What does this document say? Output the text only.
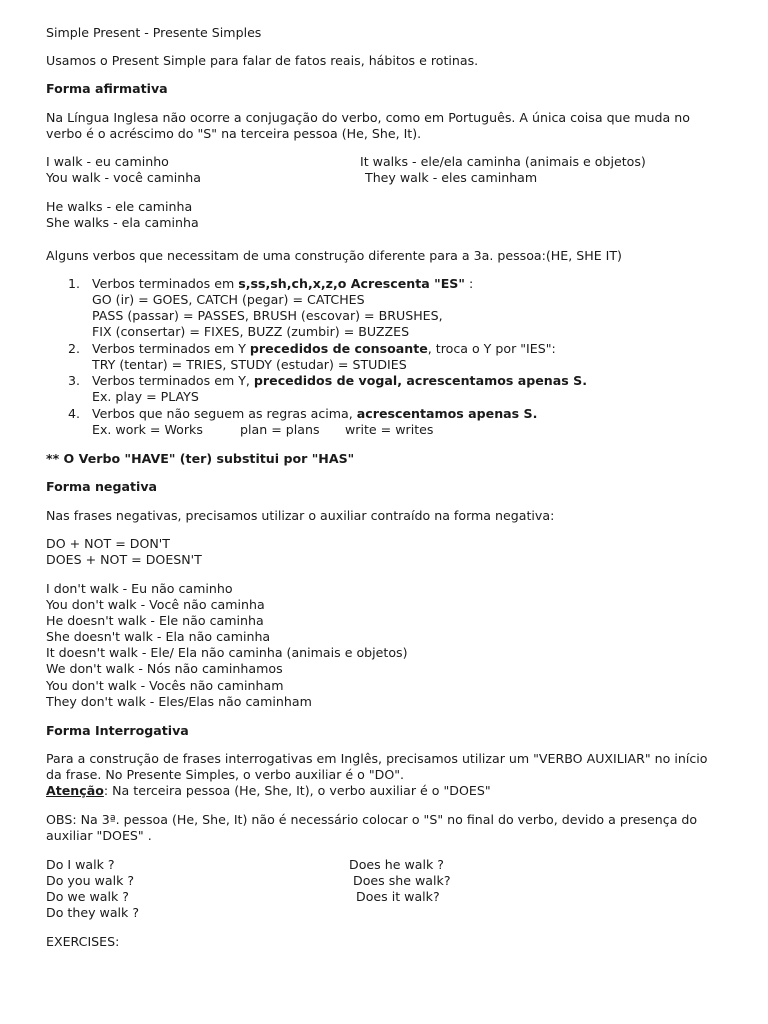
Simple Present - Presente Simples
Usamos o Present Simple para falar de fatos reais, hábitos e rotinas.
Forma afirmativa
Na Língua Inglesa não ocorre a conjugação do verbo, como em Português. A única coisa que muda no
verbo é o acréscimo do "S" na terceira pessoa (He, She, It).
I walk - eu caminho
You walk - você caminha
It walks - ele/ela caminha (animais e objetos)
They walk - eles caminham
He walks - ele caminha
She walks - ela caminha
Alguns verbos que necessitam de uma construção diferente para a 3a. pessoa:(HE, SHE IT)
1. Verbos terminados em s,ss,sh,ch,x,z,o Acrescenta "ES" :
GO (ir) = GOES, CATCH (pegar) = CATCHES
PASS (passar) = PASSES, BRUSH (escovar) = BRUSHES,
FIX (consertar) = FIXES, BUZZ (zumbir) = BUZZES
2. Verbos terminados em Y precedidos de consoante, troca o Y por "IES":
TRY (tentar) = TRIES, STUDY (estudar) = STUDIES
3. Verbos terminados em Y, precedidos de vogal, acrescentamos apenas S.
Ex. play = PLAYS
4. Verbos que não seguem as regras acima, acrescentamos apenas S.
Ex. work = Works	plan = plans write = writes
** O Verbo "HAVE" (ter) substitui por "HAS"
Forma negativa
Nas frases negativas, precisamos utilizar o auxiliar contraído na forma negativa:
DO + NOT = DON'T
DOES + NOT = DOESN'T
I don't walk - Eu não caminho
You don't walk - Você não caminha
He doesn't walk - Ele não caminha
She doesn't walk - Ela não caminha
It doesn't walk - Ele/ Ela não caminha (animais e objetos)
We don't walk - Nós não caminhamos
You don't walk - Vocês não caminham
They don't walk - Eles/Elas não caminham
Forma Interrogativa
Para a construção de frases interrogativas em Inglês, precisamos utilizar um "VERBO AUXILIAR" no início
da frase. No Presente Simples, o verbo auxiliar é o "DO".
Atenção: Na terceira pessoa (He, She, It), o verbo auxiliar é o "DOES"
OBS: Na 3ª. pessoa (He, She, It) não é necessário colocar o "S" no final do verbo, devido a presença do
auxiliar "DOES" .
Do I walk ?
Do you walk ?
Do we walk ?
Do they walk ?
Does he walk ?
Does she walk?
Does it walk?
EXERCISES:
